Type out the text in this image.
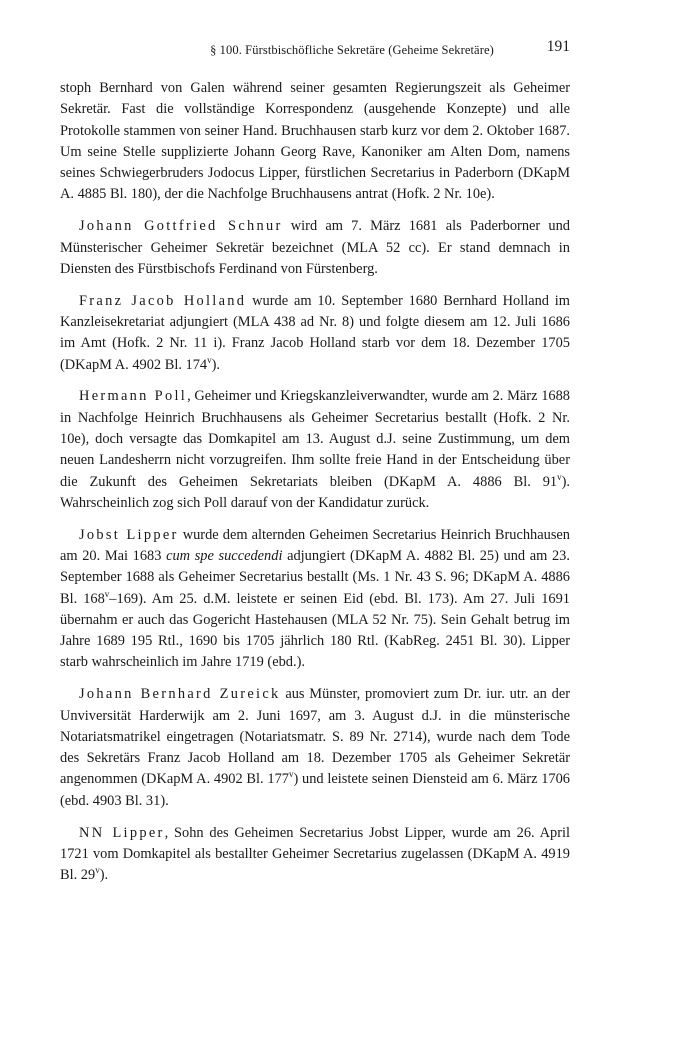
§ 100. Fürstbischöfliche Sekretäre (Geheime Sekretäre)	191

stoph Bernhard von Galen während seiner gesamten Regierungszeit als Geheimer Sekretär. Fast die vollständige Korrespondenz (ausgehende Konzepte) und alle Protokolle stammen von seiner Hand. Bruchhausen starb kurz vor dem 2. Oktober 1687. Um seine Stelle supplizierte Johann Georg Rave, Kanoniker am Alten Dom, namens seines Schwiegerbruders Jodocus Lipper, fürstlichen Secretarius in Paderborn (DKapM A. 4885 Bl. 180), der die Nachfolge Bruchhausens antrat (Hofk. 2 Nr. 10e).

Johann Gottfried Schnur wird am 7. März 1681 als Paderborner und Münsterischer Geheimer Sekretär bezeichnet (MLA 52 cc). Er stand demnach in Diensten des Fürstbischofs Ferdinand von Fürstenberg.

Franz Jacob Holland wurde am 10. September 1680 Bernhard Holland im Kanzleisekretariat adjungiert (MLA 438 ad Nr. 8) und folgte diesem am 12. Juli 1686 im Amt (Hofk. 2 Nr. 11 i). Franz Jacob Holland starb vor dem 18. Dezember 1705 (DKapM A. 4902 Bl. 174$^v$).

Hermann Poll, Geheimer und Kriegskanzleiverwandter, wurde am 2. März 1688 in Nachfolge Heinrich Bruchhausens als Geheimer Secretarius bestallt (Hofk. 2 Nr. 10e), doch versagte das Domkapitel am 13. August d.J. seine Zustimmung, um dem neuen Landesherrn nicht vorzugreifen. Ihm sollte freie Hand in der Entscheidung über die Zukunft des Geheimen Sekretariats bleiben (DKapM A. 4886 Bl. 91$^v$). Wahrscheinlich zog sich Poll darauf von der Kandidatur zurück.

Jobst Lipper wurde dem alternden Geheimen Secretarius Heinrich Bruchhausen am 20. Mai 1683 cum spe succedendi adjungiert (DKapM A. 4882 Bl. 25) und am 23. September 1688 als Geheimer Secretarius bestallt (Ms. 1 Nr. 43 S. 96; DKapM A. 4886 Bl. 168$^v$–169). Am 25. d.M. leistete er seinen Eid (ebd. Bl. 173). Am 27. Juli 1691 übernahm er auch das Gogericht Hastehausen (MLA 52 Nr. 75). Sein Gehalt betrug im Jahre 1689 195 Rtl., 1690 bis 1705 jährlich 180 Rtl. (KabReg. 2451 Bl. 30). Lipper starb wahrscheinlich im Jahre 1719 (ebd.).

Johann Bernhard Zureick aus Münster, promoviert zum Dr. iur. utr. an der Unviversität Harderwijk am 2. Juni 1697, am 3. August d.J. in die münsterische Notariatsmatrikel eingetragen (Notariatsmatr. S. 89 Nr. 2714), wurde nach dem Tode des Sekretärs Franz Jacob Holland am 18. Dezember 1705 als Geheimer Sekretär angenommen (DKapM A. 4902 Bl. 177$^v$) und leistete seinen Diensteid am 6. März 1706 (ebd. 4903 Bl. 31).

NN Lipper, Sohn des Geheimen Secretarius Jobst Lipper, wurde am 26. April 1721 vom Domkapitel als bestallter Geheimer Secretarius zugelassen (DKapM A. 4919 Bl. 29$^v$).
